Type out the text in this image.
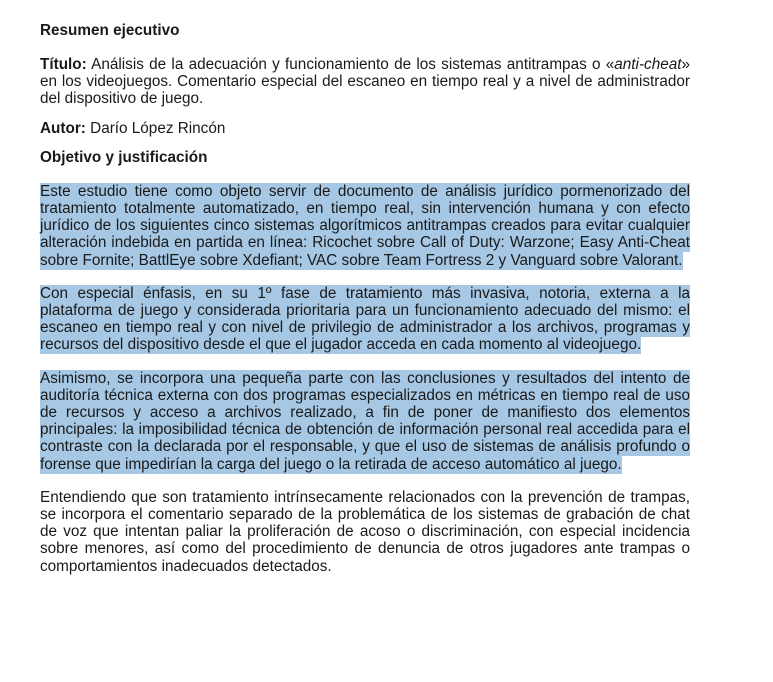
Resumen ejecutivo

Título: Análisis de la adecuación y funcionamiento de los sistemas antitrampas o «anti-cheat» en los videojuegos. Comentario especial del escaneo en tiempo real y a nivel de administrador del dispositivo de juego.

Autor: Darío López Rincón

Objetivo y justificación

Este estudio tiene como objeto servir de documento de análisis jurídico pormenorizado del tratamiento totalmente automatizado, en tiempo real, sin intervención humana y con efecto jurídico de los siguientes cinco sistemas algorítmicos antitrampas creados para evitar cualquier alteración indebida en partida en línea: Ricochet sobre Call of Duty: Warzone; Easy Anti-Cheat sobre Fornite; BattlEye sobre Xdefiant; VAC sobre Team Fortress 2 y Vanguard sobre Valorant.

Con especial énfasis, en su 1º fase de tratamiento más invasiva, notoria, externa a la plataforma de juego y considerada prioritaria para un funcionamiento adecuado del mismo: el escaneo en tiempo real y con nivel de privilegio de administrador a los archivos, programas y recursos del dispositivo desde el que el jugador acceda en cada momento al videojuego.

Asimismo, se incorpora una pequeña parte con las conclusiones y resultados del intento de auditoría técnica externa con dos programas especializados en métricas en tiempo real de uso de recursos y acceso a archivos realizado, a fin de poner de manifiesto dos elementos principales: la imposibilidad técnica de obtención de información personal real accedida para el contraste con la declarada por el responsable, y que el uso de sistemas de análisis profundo o forense que impedirían la carga del juego o la retirada de acceso automático al juego.

Entendiendo que son tratamiento intrínsecamente relacionados con la prevención de trampas, se incorpora el comentario separado de la problemática de los sistemas de grabación de chat de voz que intentan paliar la proliferación de acoso o discriminación, con especial incidencia sobre menores, así como del procedimiento de denuncia de otros jugadores ante trampas o comportamientos inadecuados detectados.
